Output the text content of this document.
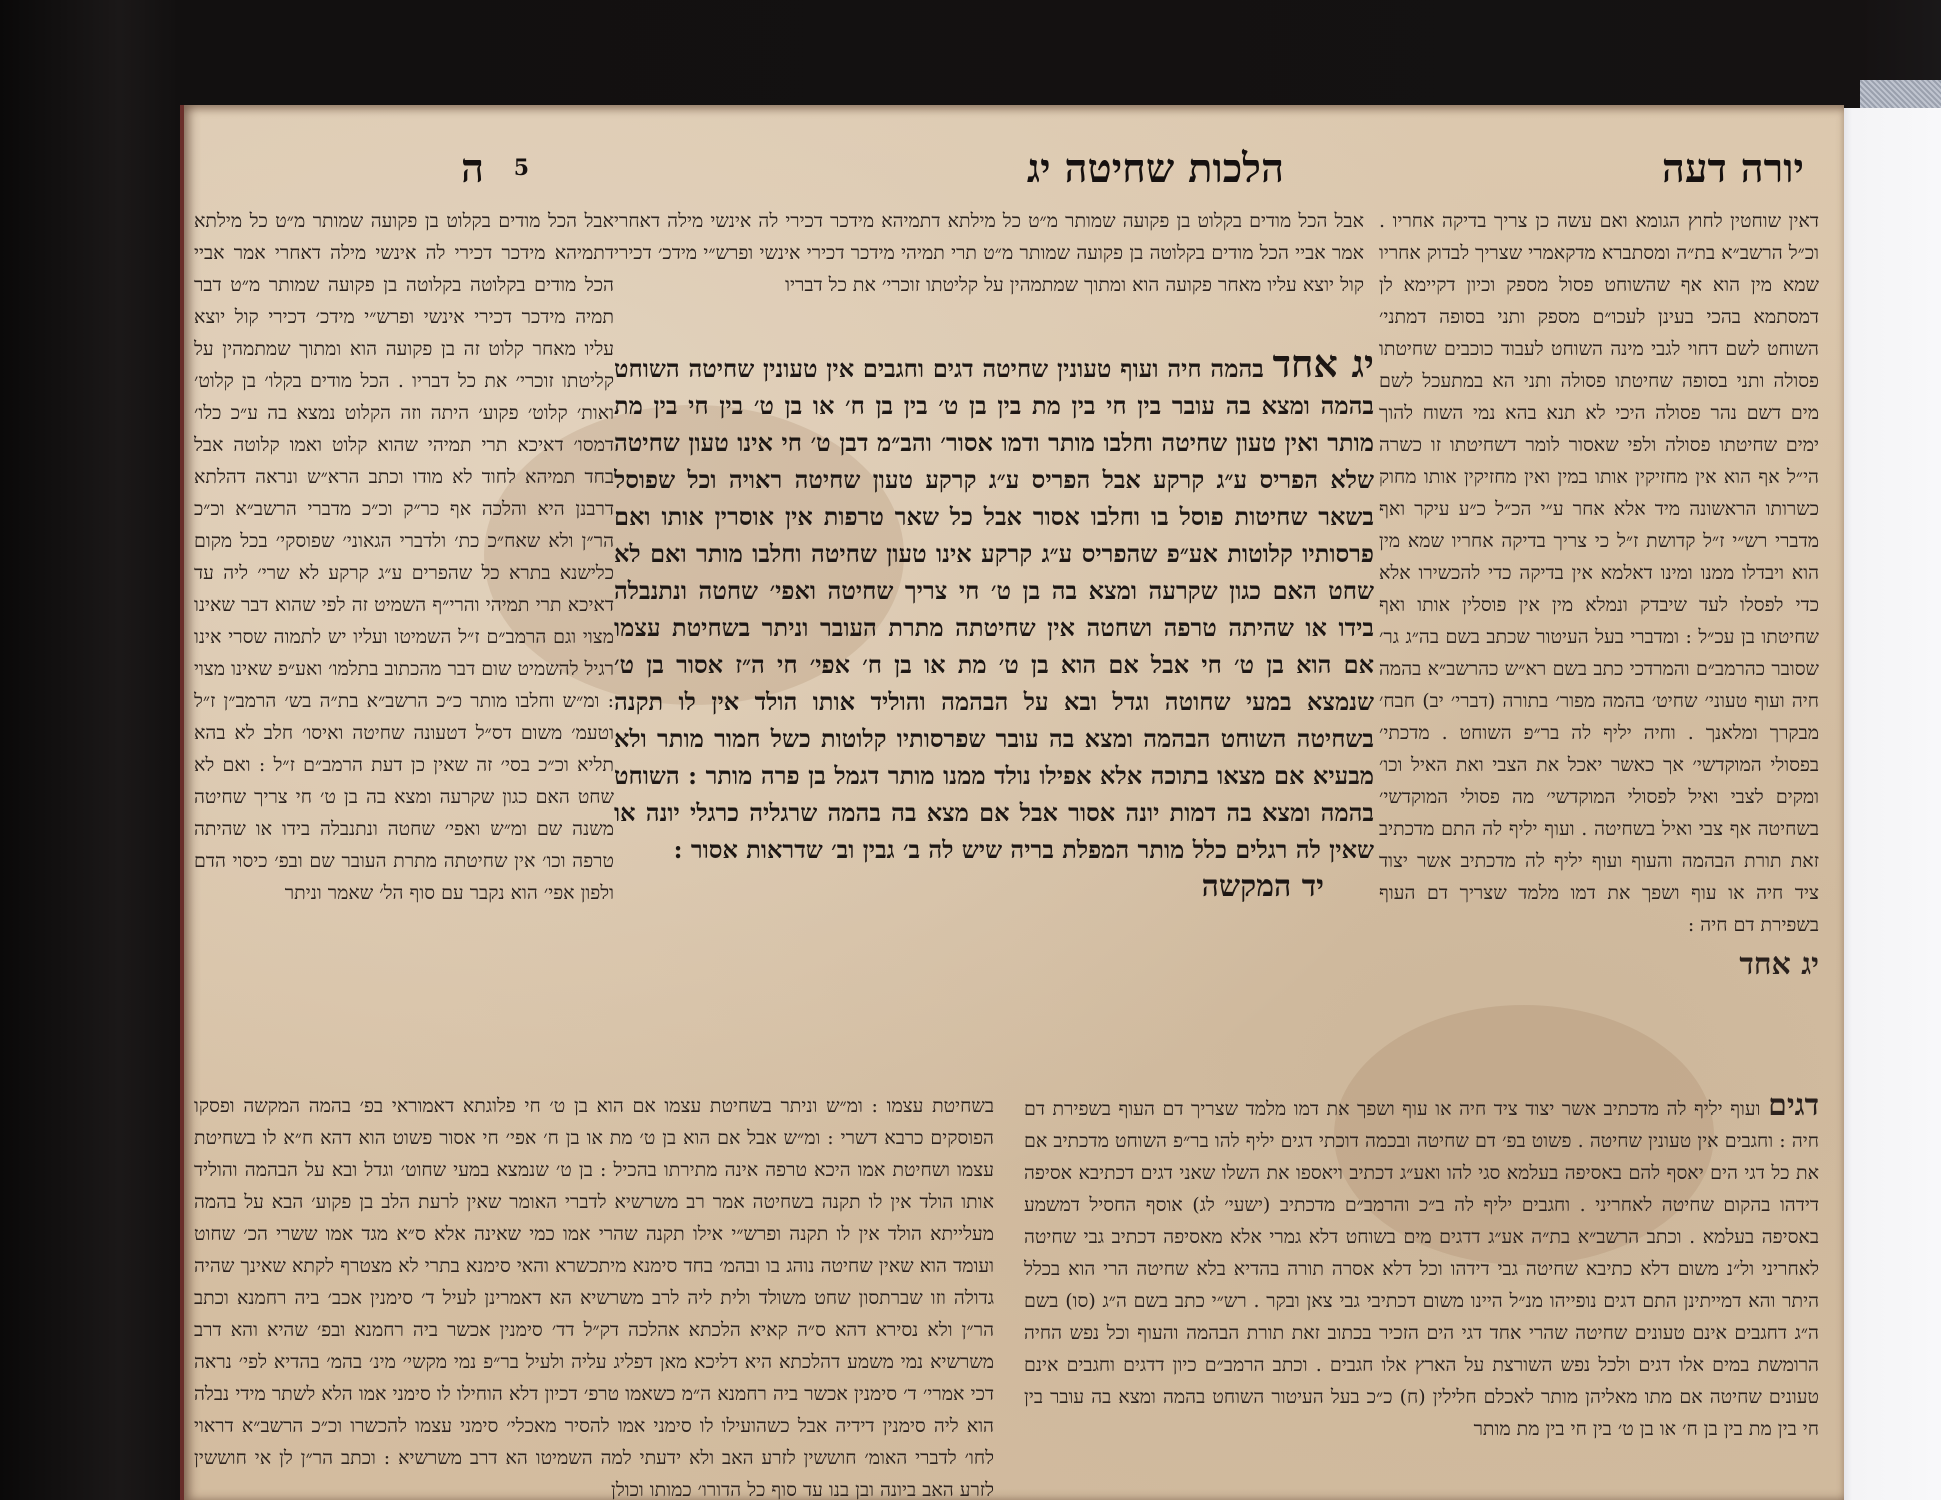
יורה דעה
הלכות שחיטה יג
5
ה

דאין שוחטין לחוץ הגומא ואם עשה כן צריך בדיקה אחריו . וכ״ל הרשב״א בת״ה ומסתברא מדקאמרי שצריך לבדוק אחריו שמא מין הוא אף שהשוחט פסול מספק וכיון דקיימא לן דמסתמא בהכי בעינן לעכו״ם מספק ותני בסופה דמתני׳ השוחט לשם דחוי לגבי מינה השוחט לעבוד כוכבים שחיטתו פסולה ותני בסופה שחיטתו פסולה ותני הא במתעכל לשם מים דשם נהר פסולה היכי לא תנא בהא נמי השוח להוך ימים שחיטתו פסולה ולפי שאסור לומר דשחיטתו זו כשרה הי״ל אף הוא אין מחזיקין אותו במין ואין מחזיקין אותו מחוק כשרותו הראשונה מיד אלא אחר ע״י הכ״ל כ״ע עיקר ואף מדברי רש״י ז״ל קדושת ז״ל כי צריך בדיקה אחריו שמא מין הוא ויבדלו ממנו ומינו דאלמא אין בדיקה כדי להכשירו אלא כדי לפסלו לעד שיבדק ונמלא מין אין פוסלין אותו ואף שחיטתו בן עכ״ל : ומדברי בעל העיטור שכתב בשם בה״ג גר׳ שסובר כהרמב״ם והמרדכי כתב בשם רא״ש כהרשב״א בהמה חיה ועוף טעוני׳ שחיט׳ בהמה מפור׳ בתורה (דברי׳ יב) חבח׳ מבקרך ומלאנך . וחיה יליף לה בר״פ השוחט . מדכתי׳ בפסולי המוקדשי׳ אך כאשר יאכל את הצבי ואת האיל וכו׳ ומקים לצבי ואיל לפסולי המוקדשי׳ מה פסולי המוקדשי׳ בשחיטה אף צבי ואיל בשחיטה . ועוף יליף לה התם מדכתיב זאת תורת הבהמה והעוף ועוף יליף לה מדכתיב אשר יצוד ציד חיה או עוף ושפך את דמו מלמד שצריך דם העוף בשפירת דם חיה :

יג אחד

אבל הכל מודים בקלוט בן פקועה שמותר מ״ט כל מילתא דתמיהא מידכר דכירי לה אינשי מילה דאחרי אמר אביי הכל מודים בקלוטה בן פקועה שמותר מ״ט תרי תמיהי מידכר דכירי אינשי ופרש״י מידכ׳ דכירי קול יוצא עליו מאחר פקועה הוא ומתוך שמתמהין על קליטתו זוכרי׳ את כל דבריו

אבל הכל מודים בקלוט בן פקועה שמותר מ״ט כל מילתא דתמיהא מידכר דכירי לה אינשי מילה דאחרי אמר אביי הכל מודים בקלוטה בקלוטה בן פקועה שמותר מ״ט דבר תמיה מידכר דכירי אינשי ופרש״י מידכ׳ דכירי קול יוצא עליו מאחר קלוט זה בן פקועה הוא ומתוך שמתמהין על קליטתו זוכרי׳ את כל דבריו . הכל מודים בקלו׳ בן קלוט׳ ואות׳ קלוט׳ פקוע׳ היתה וזה הקלוט נמצא בה ע״כ כלו׳ דמסו׳ דאיכא תרי תמיהי שהוא קלוט ואמו קלוטה אבל בחד תמיהא לחוד לא מודו וכתב הרא״ש ונראה דהלתא דרבנן היא והלכה אף כר״ק וכ״כ מדברי הרשב״א וכ״כ הר״ן ולא שאח״כ כת׳ ולדברי הגאוני׳ שפוסקי׳ בכל מקום כלישנא בתרא כל שהפרים ע״ג קרקע לא שרי׳ ליה עד דאיכא תרי תמיהי והרי״ף השמיט זה לפי שהוא דבר שאינו מצוי וגם הרמב״ם ז״ל השמיטו ועליו יש לתמוה שסרי אינו רגיל להשמיט שום דבר מהכתוב בתלמו׳ ואע״פ שאינו מצוי : ומ״ש וחלבו מותר כ״כ הרשב״א בת״ה בש׳ הרמב״ן ז״ל וטעמ׳ משום דס״ל דטעונה שחיטה ואיסו׳ חלב לא בהא תליא וכ״כ בסי׳ זה שאין כן דעת הרמב״ם ז״ל : ואם לא שחט האם כגון שקרעה ומצא בה בן ט׳ חי צריך שחיטה משנה שם ומ״ש ואפי׳ שחטה ונתנבלה בידו או שהיתה טרפה וכו׳ אין שחיטתה מתרת העובר שם ובפ׳ כיסוי הדם ולפון אפי׳ הוא נקבר עם סוף הל׳ שאמר וניתר

יג אחד בהמה חיה ועוף טעונין שחיטה דגים וחגבים אין טעונין שחיטה השוחט בהמה ומצא בה עובר בין חי בין מת בין בן ט׳ בין בן ח׳ או בן ט׳ בין חי בין מת מותר ואין טעון שחיטה וחלבו מותר ודמו אסור׳ והב״מ דבן ט׳ חי אינו טעון שחיטה שלא הפריס ע״ג קרקע אבל הפריס ע״ג קרקע טעון שחיטה ראויה וכל שפוסל בשאר שחיטות פוסל בו וחלבו אסור אבל כל שאר טרפות אין אוסרין אותו ואם פרסותיו קלוטות אע״פ שהפריס ע״ג קרקע אינו טעון שחיטה וחלבו מותר ואם לא שחט האם כגון שקרעה ומצא בה בן ט׳ חי צריך שחיטה ואפי׳ שחטה ונתנבלה בידו או שהיתה טרפה ושחטה אין שחיטתה מתרת העובר וניתר בשחיטת עצמו אם הוא בן ט׳ חי אבל אם הוא בן ט׳ מת או בן ח׳ אפי׳ חי ה״ז אסור בן ט׳ שנמצא במעי שחוטה וגדל ובא על הבהמה והוליד אותו הולד אין לו תקנה בשחיטה השוחט הבהמה ומצא בה עובר שפרסותיו קלוטות כשל חמור מותר ולא מבעיא אם מצאו בתוכה אלא אפילו נולד ממנו מותר דגמל בן פרה מותר : השוחט בהמה ומצא בה דמות יונה אסור אבל אם מצא בה בהמה שרגליה כרגלי יונה או שאין לה רגלים כלל מותר המפלת בריה שיש לה ב׳ גבין וב׳ שדראות אסור :
יד המקשה
דגים ועוף יליף לה מדכתיב אשר יצוד ציד חיה או עוף ושפך את דמו מלמד שצריך דם העוף בשפירת דם חיה : וחגבים אין טעונין שחיטה . פשוט בפ׳ דם שחיטה ובכמה דוכתי דגים יליף להו בר״פ השוחט מדכתיב אם את כל דגי הים יאסף להם באסיפה בעלמא סגי להו ואע״ג דכתיב ויאספו את השלו שאני דגים דכתיבא אסיפה דידהו בהקום שחיטה לאחריני . וחגבים יליף לה ב״כ והרמב״ם מדכתיב (ישעי׳ לג) אוסף החסיל דמשמע באסיפה בעלמא . וכתב הרשב״א בת״ה אע״ג דדגים מים בשוחט דלא גמרי אלא מאסיפה דכתיב גבי שחיטה לאחריני ול״נ משום דלא כתיבא שחיטה גבי דידהו וכל דלא אסרה תורה בהדיא בלא שחיטה הרי הוא בכלל היתר והא דמייתינן התם דגים נופייהו מנ״ל היינו משום דכתיבי גבי צאן ובקר . רש״י כתב בשם ה״ג (סו) בשם ה״ג דחגבים אינם טעונים שחיטה שהרי אחד דגי הים הזכיר בכתוב זאת תורת הבהמה והעוף וכל נפש החיה הרומשת במים אלו דגים ולכל נפש השורצת על הארץ אלו חגבים . וכתב הרמב״ם כיון דדגים וחגבים אינם טעונים שחיטה אם מתו מאליהן מותר לאכלם חלילין (ח) כ״כ בעל העיטור השוחט בהמה ומצא בה עובר בין חי בין מת בין בן ח׳ או בן ט׳ בין חי בין מת מותר

בשחיטת עצמו : ומ״ש וניתר בשחיטת עצמו אם הוא בן ט׳ חי פלוגתא דאמוראי בפ׳ בהמה המקשה ופסקו הפוסקים כרבא דשרי : ומ״ש אבל אם הוא בן ט׳ מת או בן ח׳ אפי׳ חי אסור פשוט הוא דהא ח״א לו בשחיטת עצמו ושחיטת אמו היכא טרפה אינה מתירתו בהכיל : בן ט׳ שנמצא במעי שחוט׳ וגדל ובא על הבהמה והוליד אותו הולד אין לו תקנה בשחיטה אמר רב משרשיא לדברי האומר שאין לרעת הלב בן פקוע׳ הבא על בהמה מעלייתא הולד אין לו תקנה ופרש״י אילו תקנה שהרי אמו כמי שאינה אלא ס״א מגד אמו ששרי הכ׳ שחוט ועומד הוא שאין שחיטה נוהג בו ובהמ׳ בחד סימנא מיתכשרא והאי סימנא בתרי לא מצטרף לקתא שאינך שהיה גדולה וזו שברתסון שחט משולד ולית ליה לרב משרשיא הא דאמרינן לעיל ד׳ סימנין אכב׳ ביה רחמנא וכתב הר״ן ולא נסירא דהא ס״ה קאיא הלכתא אהלכה דק״ל דד׳ סימנין אכשר ביה רחמנא ובפ׳ שהיא והא דרב משרשיא נמי משמע דהלכתא היא דליכא מאן דפליג עליה ולעיל בר״פ נמי מקשי׳ מינ׳ בהמ׳ בהדיא לפי׳ נראה דכי אמרי׳ ד׳ סימנין אכשר ביה רחמנא ה״מ כשאמו טרפ׳ דכיון דלא הוחילו לו סימני אמו הלא לשתר מידי נבלה הוא ליה סימנין דידיה אבל כשהועילו לו סימני אמו להסיר מאכלי׳ סימני עצמו להכשרו וכ״כ הרשב״א דראוי לחו׳ לדברי האומ׳ חוששין לזרע האב ולא ידעתי למה השמיטו הא דרב משרשיא : וכתב הר״ן לן אי חוששין לזרע האב ביונה ובן בנו עד סוף כל הדורו׳ כמותו וכולן
